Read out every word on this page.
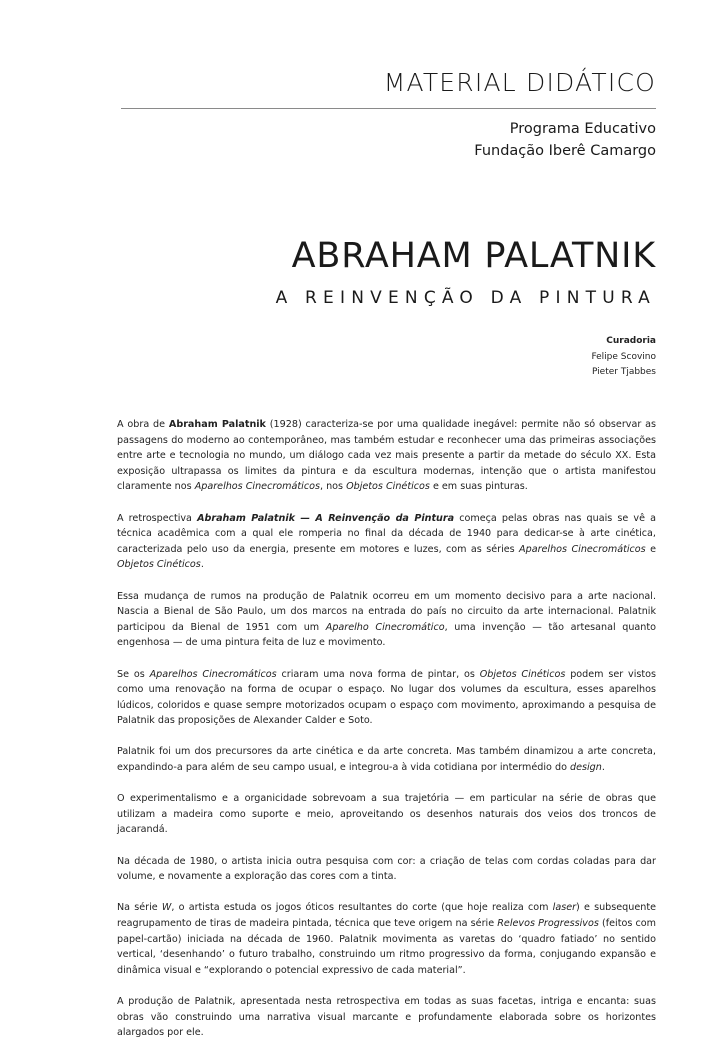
MATERIAL DIDÁTICO
Programa Educativo
Fundação Iberê Camargo
ABRAHAM PALATNIK
A REINVENÇÃO DA PINTURA
Curadoria
Felipe Scovino
Pieter Tjabbes

A obra de Abraham Palatnik (1928) caracteriza-se por uma qualidade inegável: permite não só observar as passagens do moderno ao contemporâneo, mas também estudar e reconhecer uma das primeiras associações entre arte e tecnologia no mundo, um diálogo cada vez mais presente a partir da metade do século XX. Esta exposição ultrapassa os limites da pintura e da escultura modernas, intenção que o artista manifestou claramente nos Aparelhos Cinecromáticos, nos Objetos Cinéticos e em suas pinturas.

A retrospectiva Abraham Palatnik — A Reinvenção da Pintura começa pelas obras nas quais se vê a técnica acadêmica com a qual ele romperia no final da década de 1940 para dedicar-se à arte cinética, caracterizada pelo uso da energia, presente em motores e luzes, com as séries Aparelhos Cinecromáticos e Objetos Cinéticos.

Essa mudança de rumos na produção de Palatnik ocorreu em um momento decisivo para a arte nacional. Nascia a Bienal de São Paulo, um dos marcos na entrada do país no circuito da arte internacional. Palatnik participou da Bienal de 1951 com um Aparelho Cinecromático, uma invenção — tão artesanal quanto engenhosa — de uma pintura feita de luz e movimento.

Se os Aparelhos Cinecromáticos criaram uma nova forma de pintar, os Objetos Cinéticos podem ser vistos como uma renovação na forma de ocupar o espaço. No lugar dos volumes da escultura, esses aparelhos lúdicos, coloridos e quase sempre motorizados ocupam o espaço com movimento, aproximando a pesquisa de Palatnik das proposições de Alexander Calder e Soto.

Palatnik foi um dos precursores da arte cinética e da arte concreta. Mas também dinamizou a arte concreta, expandindo-a para além de seu campo usual, e integrou-a à vida cotidiana por intermédio do design.

O experimentalismo e a organicidade sobrevoam a sua trajetória — em particular na série de obras que utilizam a madeira como suporte e meio, aproveitando os desenhos naturais dos veios dos troncos de jacarandá.

Na década de 1980, o artista inicia outra pesquisa com cor: a criação de telas com cordas coladas para dar volume, e novamente a exploração das cores com a tinta.

Na série W, o artista estuda os jogos óticos resultantes do corte (que hoje realiza com laser) e subsequente reagrupamento de tiras de madeira pintada, técnica que teve origem na série Relevos Progressivos (feitos com papel-cartão) iniciada na década de 1960. Palatnik movimenta as varetas do ‘quadro fatiado’ no sentido vertical, ‘desenhando’ o futuro trabalho, construindo um ritmo progressivo da forma, conjugando expansão e dinâmica visual e “explorando o potencial expressivo de cada material”.

A produção de Palatnik, apresentada nesta retrospectiva em todas as suas facetas, intriga e encanta: suas obras vão construindo uma narrativa visual marcante e profundamente elaborada sobre os horizontes alargados por ele.
